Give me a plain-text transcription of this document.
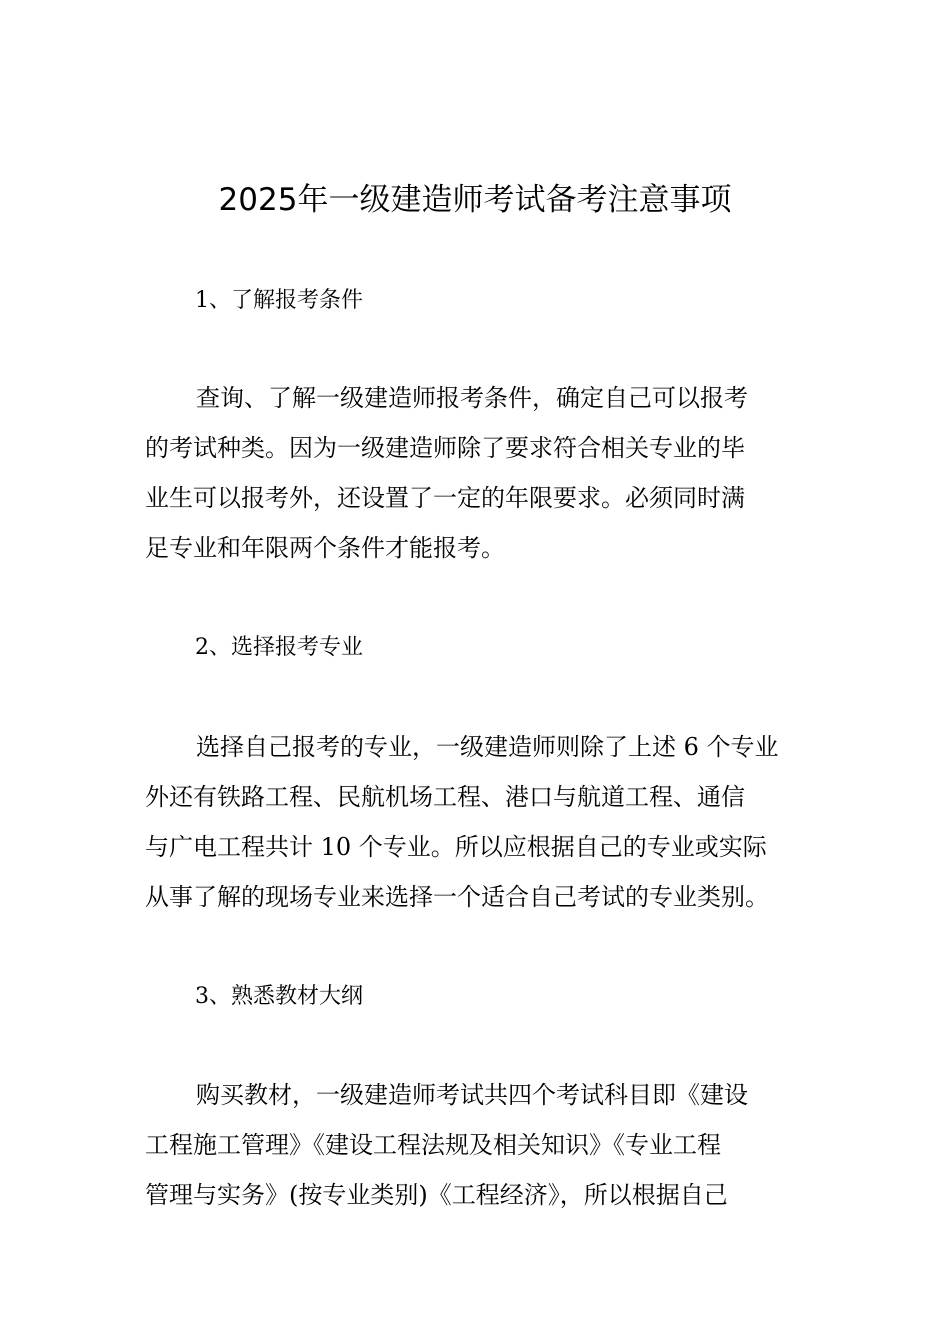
2025年一级建造师考试备考注意事项

1、了解报考条件

查询、了解一级建造师报考条件，确定自己可以报考
的考试种类。因为一级建造师除了要求符合相关专业的毕
业生可以报考外，还设置了一定的年限要求。必须同时满
足专业和年限两个条件才能报考。

2、选择报考专业

选择自己报考的专业，一级建造师则除了上述 6 个专业
外还有铁路工程、民航机场工程、港口与航道工程、通信
与广电工程共计 10 个专业。所以应根据自己的专业或实际
从事了解的现场专业来选择一个适合自己考试的专业类别。

3、熟悉教材大纲

购买教材，一级建造师考试共四个考试科目即《建设
工程施工管理》《建设工程法规及相关知识》《专业工程
管理与实务》(按专业类别)《工程经济》，所以根据自己
